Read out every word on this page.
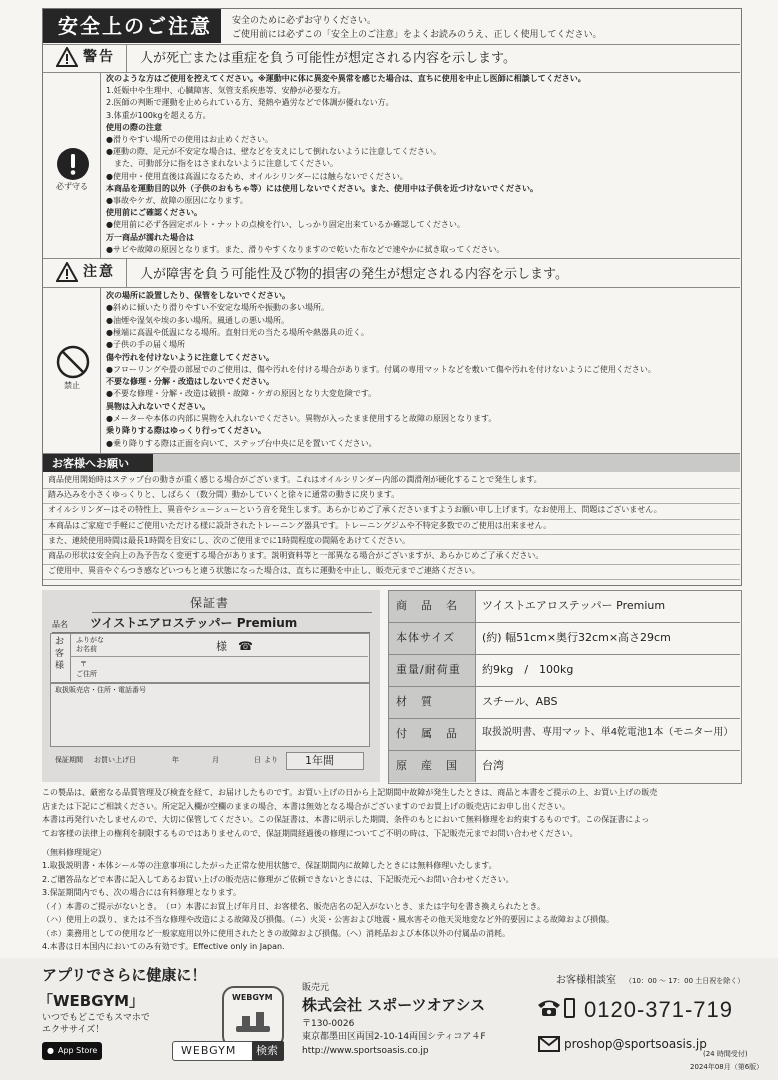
安全上のご注意 安全のために必ずお守りください。
ご使用前には必ずこの「安全上のご注意」をよくお読みのうえ、正しく使用してください。
警告 人が死亡または重症を負う可能性が想定される内容を示します。
必ず守る
次のような方はご使用を控えてください。※運動中に体に異変や異常を感じた場合は、直ちに使用を中止し医師に相談してください。
1.妊娠中や生理中、心臓障害、気管支系疾患等、安静が必要な方。
2.医師の判断で運動を止められている方、発熱や過労などで体調が優れない方。
3.体重が100kgを超える方。
使用の際の注意
●滑りやすい場所での使用はお止めください。
●運動の際、足元が不安定な場合は、壁などを支えにして倒れないように注意してください。
　また、可動部分に指をはさまれないように注意してください。
●使用中・使用直後は高温になるため、オイルシリンダーには触らないでください。
本商品を運動目的以外（子供のおもちゃ等）には使用しないでください。また、使用中は子供を近づけないでください。
●事故やケガ、故障の原因になります。
使用前にご確認ください。
●使用前に必ず各固定ボルト・ナットの点検を行い、しっかり固定出来ているか確認してください。
万一商品が濡れた場合は
●サビや故障の原因となります。また、滑りやすくなりますので乾いた布などで速やかに拭き取ってください。
注意 人が障害を負う可能性及び物的損害の発生が想定される内容を示します。
禁止
次の場所に設置したり、保管をしないでください。
●斜めに傾いたり滑りやすい不安定な場所や振動の多い場所。
●油煙や湿気や埃の多い場所。風通しの悪い場所。
●極端に高温や低温になる場所。直射日光の当たる場所や熱器具の近く。
●子供の手の届く場所
傷や汚れを付けないように注意してください。
●フローリングや畳の部屋でのご使用は、傷や汚れを付ける場合があります。付属の専用マットなどを敷いて傷や汚れを付けないようにご使用ください。
不要な修理・分解・改造はしないでください。
●不要な修理・分解・改造は破損・故障・ケガの原因となり大変危険です。
異物は入れないでください。
●メーターや本体の内部に異物を入れないでください。異物が入ったまま使用すると故障の原因となります。
乗り降りする際はゆっくり行ってください。
●乗り降りする際は正面を向いて、ステップ台中央に足を置いてください。
お客様へお願い
商品使用開始時はステップ台の動きが重く感じる場合がございます。これはオイルシリンダー内部の潤滑剤が硬化することで発生します。
踏み込みを小さくゆっくりと、しばらく（数分間）動かしていくと徐々に通常の動きに戻ります。
オイルシリンダーはその特性上、異音やシューシューという音を発生します。あらかじめご了承くださいますようお願い申し上げます。なお使用上、問題はございません。
本商品はご家庭で手軽にご使用いただける様に設計されたトレーニング器具です。トレーニングジムや不特定多数でのご使用は出来ません。
また、連続使用時間は最長1時間を目安にし、次のご使用までに1時間程度の間隔をあけてください。
商品の形状は安全向上の為予告なく変更する場合があります。説明資料等と一部異なる場合がございますが、あらかじめご了承ください。
ご使用中、異音やぐらつき感などいつもと違う状態になった場合は、直ちに運動を中止し、販売元までご連絡ください。
保証書
品名 ツイストエアロステッパー Premium
お
客
様
ふりがな
お名前	様 ☎
〒
ご住所
取扱販売店・住所・電話番号
保証期間 お買い上げ日	年	月	日 より 1年間
商品名 ツイストエアロステッパー Premium
本体サイズ (約) 幅51cm×奥行32cm×高さ29cm
重量/耐荷重 約9kg　/　100kg
材質	スチール、ABS
付属品 取扱説明書、専用マット、単4乾電池1本（モニター用）
原産国 台湾
この製品は、厳密なる品質管理及び検査を経て、お届けしたものです。お買い上げの日から上記期間中故障が発生したときは、商品と本書をご提示の上、お買い上げの販売
店または下記にご相談ください。所定記入欄が空欄のままの場合、本書は無効となる場合がございますのでお買上げの販売店にお申し出ください。
本書は再発行いたしませんので、大切に保管してください。この保証書は、本書に明示した期間、条件のもとにおいて無料修理をお約束するものです。この保証書によっ
てお客様の法律上の権利を制限するものではありませんので、保証期間経過後の修理についてご不明の時は、下記販売元までお問い合わせください。
（無料修理規定）
1.取扱説明書・本体シール等の注意事項にしたがった正常な使用状態で、保証期間内に故障したときには無料修理いたします。
2.ご贈答品などで本書に記入してあるお買い上げの販売店に修理がご依頼できないときには、下記販売元へお問い合わせください。
3.保証期間内でも、次の場合には有料修理となります。
（イ）本書のご提示がないとき。　（ロ）本書にお買上げ年月日、お客様名、販売店名の記入がないとき、または字句を書き換えられたとき。
（ハ）使用上の誤り、または不当な修理や改造による故障及び損傷。（ニ）火災・公害および地震・風水害その他天災地変など外的要因による故障および損傷。
（ホ）業務用としての使用など一般家庭用以外に使用されたときの故障および損傷。（ヘ）消耗品および本体以外の付属品の消耗。
4.本書は日本国内においてのみ有効です。Effective only in Japan.
アプリでさらに健康に！
「WEBGYM」
いつでもどこでもスマホで
エクササイズ！
● App Store
WEBGYM
WEBGYM 検索
販売元
株式会社 スポーツオアシス
〒130-0026
東京都墨田区両国2-10-14両国シティコア４F
http://www.sportsoasis.co.jp
お客様相談室 （10：00 ～ 17：00 土日祝を除く）
0120-371-719
proshop@sportsoasis.jp
(24 時間受付)
2024年08月（第6版）
